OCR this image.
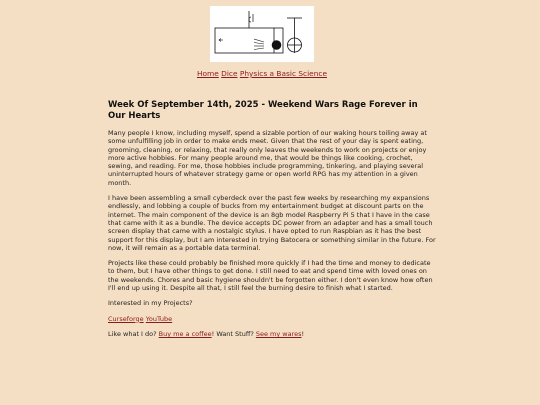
Home Dice Physics a Basic Science
Week Of September 14th, 2025 - Weekend Wars Rage Forever in Our Hearts

Many people I know, including myself, spend a sizable portion of our waking hours toiling away at some unfulfilling job in order to make ends meet. Given that the rest of your day is spent eating, grooming, cleaning, or relaxing, that really only leaves the weekends to work on projects or enjoy more active hobbies. For many people around me, that would be things like cooking, crochet, sewing, and reading. For me, those hobbies include programming, tinkering, and playing several uninterrupted hours of whatever strategy game or open world RPG has my attention in a given month.

I have been assembling a small cyberdeck over the past few weeks by researching my expansions endlessly, and lobbing a couple of bucks from my entertainment budget at discount parts on the internet. The main component of the device is an 8gb model Raspberry Pi 5 that I have in the case that came with it as a bundle. The device accepts DC power from an adapter and has a small touch screen display that came with a nostalgic stylus. I have opted to run Raspbian as it has the best support for this display, but I am interested in trying Batocera or something similar in the future. For now, it will remain as a portable data terminal.

Projects like these could probably be finished more quickly if I had the time and money to dedicate to them, but I have other things to get done. I still need to eat and spend time with loved ones on the weekends. Chores and basic hygiene shouldn't be forgotten either. I don't even know how often I'll end up using it. Despite all that, I still feel the burning desire to finish what I started.

Interested in my Projects?

Curseforge YouTube

Like what I do? Buy me a coffee! Want Stuff? See my wares!
